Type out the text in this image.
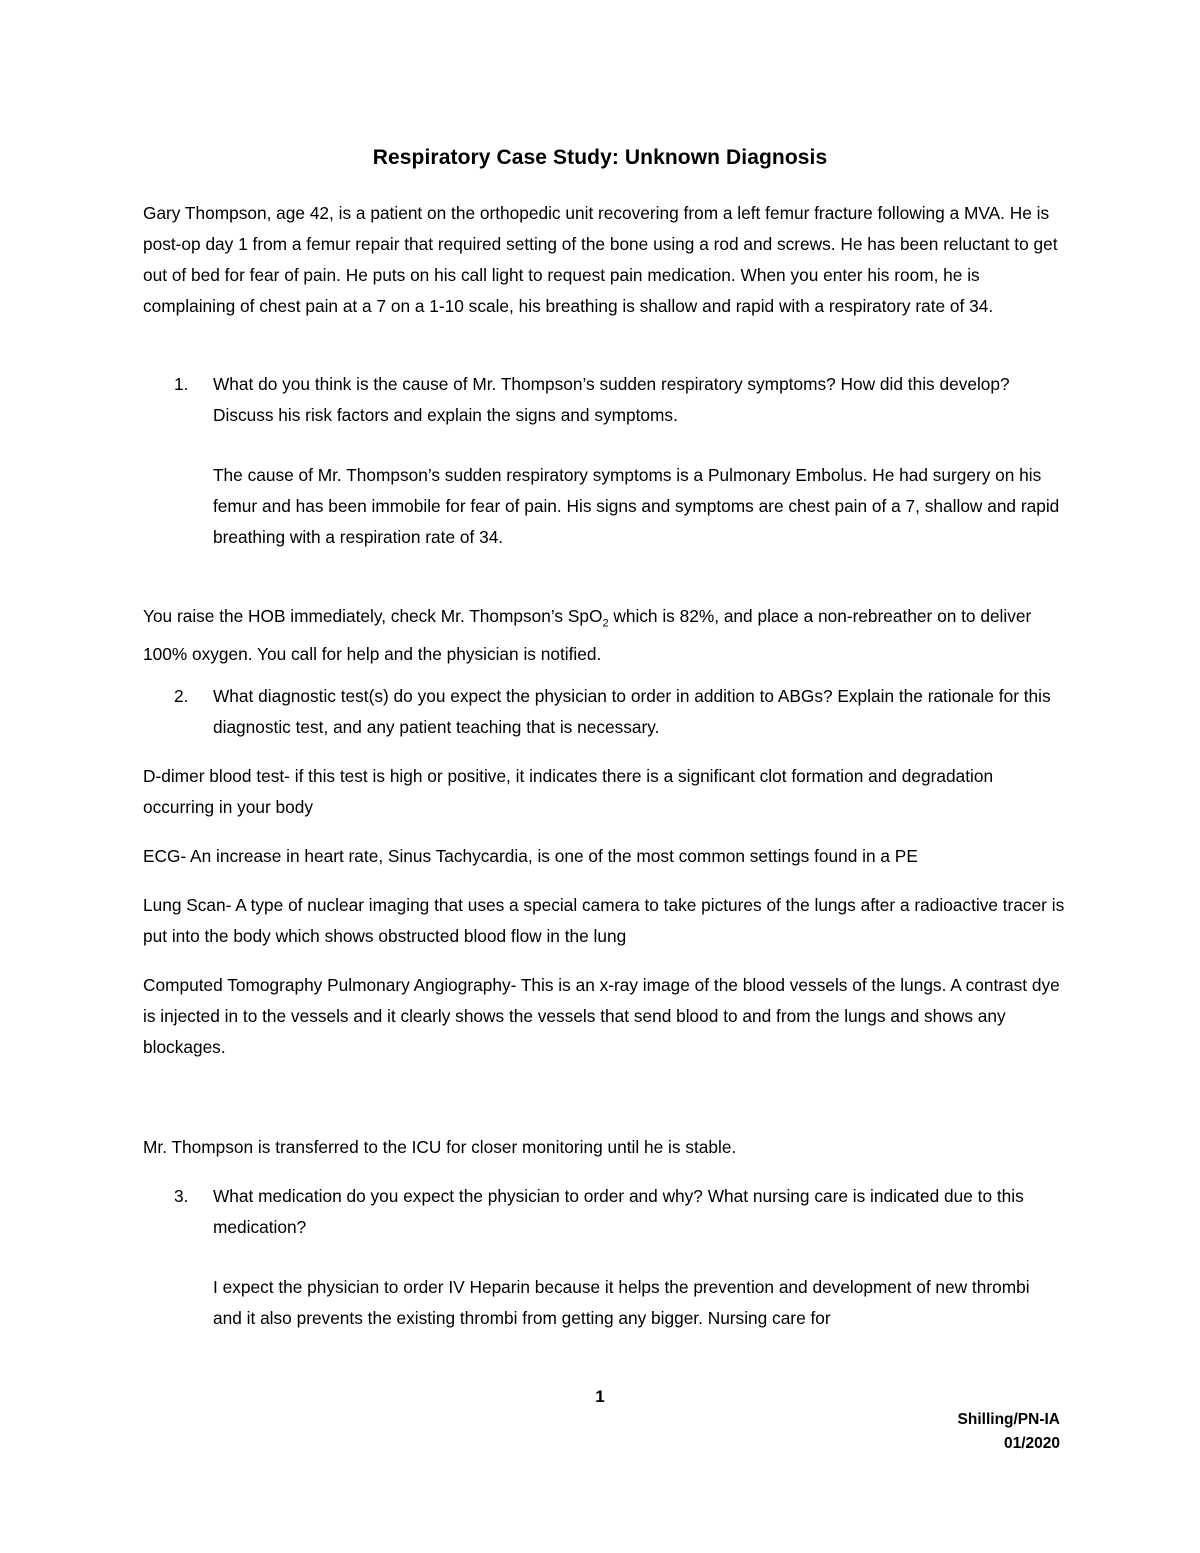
Respiratory Case Study: Unknown Diagnosis

Gary Thompson, age 42, is a patient on the orthopedic unit recovering from a left femur fracture following a MVA. He is post-op day 1 from a femur repair that required setting of the bone using a rod and screws. He has been reluctant to get out of bed for fear of pain. He puts on his call light to request pain medication. When you enter his room, he is complaining of chest pain at a 7 on a 1-10 scale, his breathing is shallow and rapid with a respiratory rate of 34.

1. What do you think is the cause of Mr. Thompson’s sudden respiratory symptoms? How did this develop? Discuss his risk factors and explain the signs and symptoms.

The cause of Mr. Thompson’s sudden respiratory symptoms is a Pulmonary Embolus. He had surgery on his femur and has been immobile for fear of pain. His signs and symptoms are chest pain of a 7, shallow and rapid breathing with a respiration rate of 34.

You raise the HOB immediately, check Mr. Thompson’s SpO$_2$ which is 82%, and place a non-rebreather on to deliver 100% oxygen. You call for help and the physician is notified.

2. What diagnostic test(s) do you expect the physician to order in addition to ABGs? Explain the rationale for this diagnostic test, and any patient teaching that is necessary.

D-dimer blood test- if this test is high or positive, it indicates there is a significant clot formation and degradation occurring in your body

ECG- An increase in heart rate, Sinus Tachycardia, is one of the most common settings found in a PE

Lung Scan- A type of nuclear imaging that uses a special camera to take pictures of the lungs after a radioactive tracer is put into the body which shows obstructed blood flow in the lung

Computed Tomography Pulmonary Angiography- This is an x-ray image of the blood vessels of the lungs. A contrast dye is injected in to the vessels and it clearly shows the vessels that send blood to and from the lungs and shows any blockages.

Mr. Thompson is transferred to the ICU for closer monitoring until he is stable.

3. What medication do you expect the physician to order and why? What nursing care is indicated due to this medication?

I expect the physician to order IV Heparin because it helps the prevention and development of new thrombi and it also prevents the existing thrombi from getting any bigger. Nursing care for

1
Shilling/PN-IA
01/2020
